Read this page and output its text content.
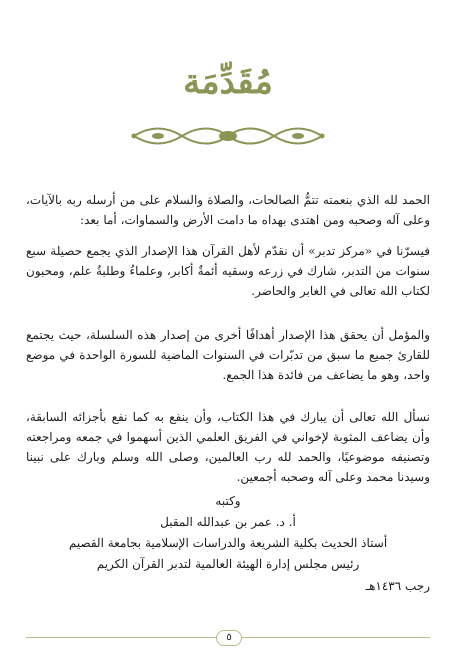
مُقَدِّمَة
الحمد لله الذي بنعمته تتمُّ الصالحات، والصلاة والسلام على من أرسله ربه بالآيات، وعلى آله وصحبه ومن اهتدى بهداه ما دامت الأرض والسماوات، أما بعد:
فيسرّنا في «مركز تدبر» أن نقدّم لأهل القرآن هذا الإصدار الذي يجمع حصيلة سبع سنوات من التدبر، شارك في زرعه وسقيه أئمةٌ أكابر، وعلماءُ وطلبةُ علم، ومحبون لكتاب الله تعالى في الغابر والحاضر.
والمؤمل أن يحقق هذا الإصدار أهدافًا أخرى من إصدار هذه السلسلة، حيث يجتمع للقارئ جميع ما سبق من تدبّرات في السنوات الماضية للسورة الواحدة في موضع واحد، وهو ما يضاعف من فائدة هذا الجمع.
نسأل الله تعالى أن يبارك في هذا الكتاب، وأن ينفع به كما نفع بأجزائه السابقة، وأن يضاعف المثوبة لإخواني في الفريق العلمي الذين أسهموا في جمعه ومراجعته وتصنيفه موضوعيًا، والحمد لله رب العالمين، وصلى الله وسلم وبارك على نبينا وسيدنا محمد وعلى آله وصحبه أجمعين.
وكتبه
أ. د. عمر بن عبدالله المقبل
أستاذ الحديث بكلية الشريعة والدراسات الإسلامية بجامعة القصيم
رئيس مجلس إدارة الهيئة العالمية لتدبر القرآن الكريم
رجب ١٤٣٦هـ
٥
